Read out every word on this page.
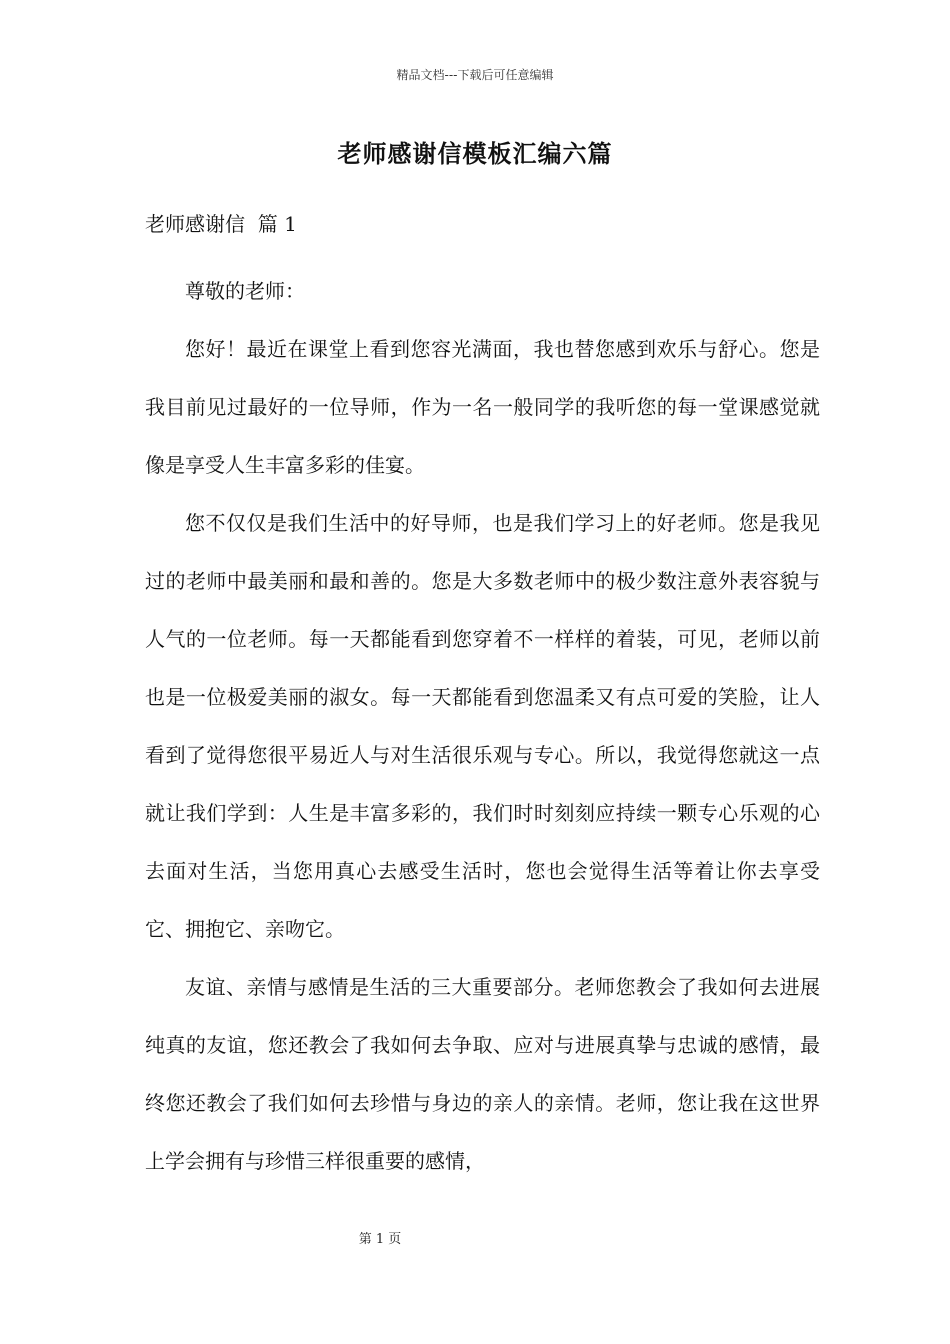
精品文档---下载后可任意编辑
老师感谢信模板汇编六篇
老师感谢信  篇 1

尊敬的老师：

您好！最近在课堂上看到您容光满面，我也替您感到欢乐与舒心。您是我目前见过最好的一位导师，作为一名一般同学的我听您的每一堂课感觉就像是享受人生丰富多彩的佳宴。

您不仅仅是我们生活中的好导师，也是我们学习上的好老师。您是我见过的老师中最美丽和最和善的。您是大多数老师中的极少数注意外表容貌与人气的一位老师。每一天都能看到您穿着不一样样的着装，可见，老师以前也是一位极爱美丽的淑女。每一天都能看到您温柔又有点可爱的笑脸，让人看到了觉得您很平易近人与对生活很乐观与专心。所以，我觉得您就这一点就让我们学到：人生是丰富多彩的，我们时时刻刻应持续一颗专心乐观的心去面对生活，当您用真心去感受生活时，您也会觉得生活等着让你去享受它、拥抱它、亲吻它。

友谊、亲情与感情是生活的三大重要部分。老师您教会了我如何去进展纯真的友谊，您还教会了我如何去争取、应对与进展真挚与忠诚的感情，最终您还教会了我们如何去珍惜与身边的亲人的亲情。老师，您让我在这世界上学会拥有与珍惜三样很重要的感情，

第 1 页
